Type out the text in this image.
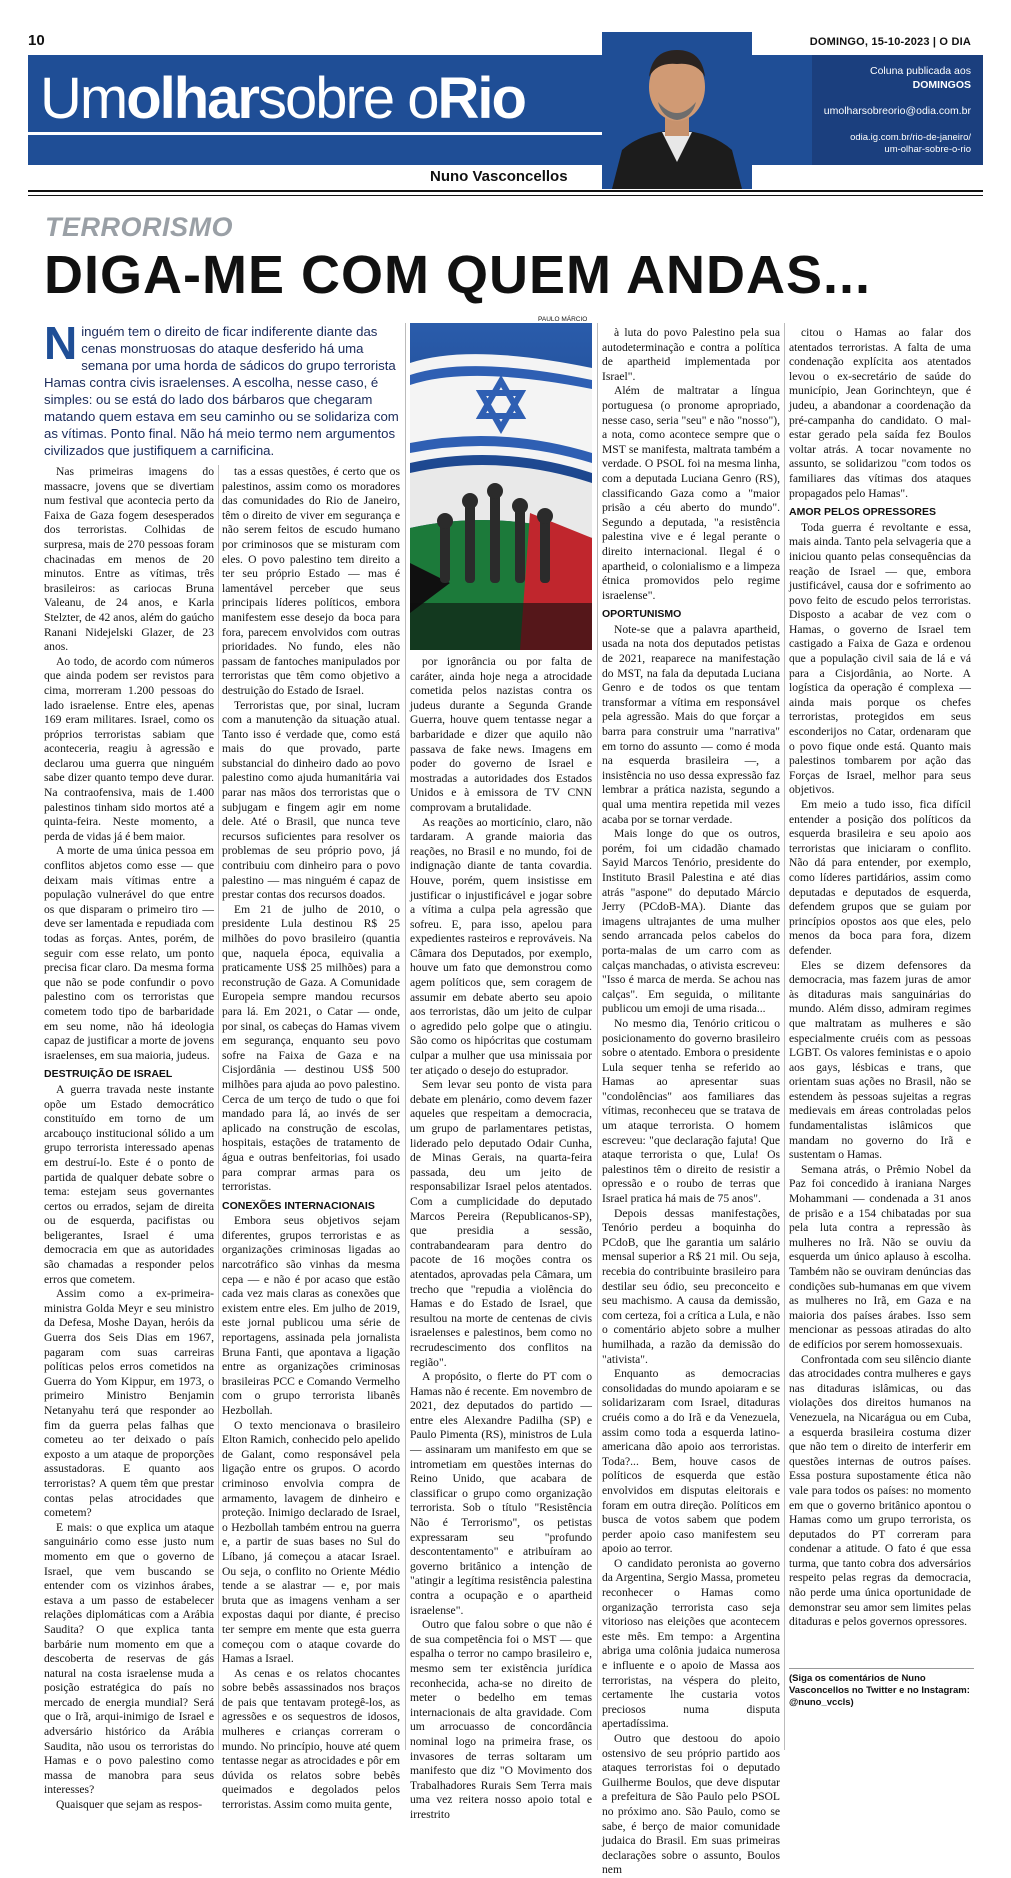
10	DOMINGO, 15-10-2023 | O DIA
Umolharsobre oRio
Nuno Vasconcellos
Coluna publicada aos
DOMINGOS
umolharsobreorio@odia.com.br
odia.ig.com.br/rio-de-janeiro/
um-olhar-sobre-o-rio
TERRORISMO
DIGA-ME COM QUEM ANDAS...
Ninguém tem o direito de ficar indiferente diante das cenas monstruosas do ataque desferido há uma semana por uma horda de sádicos do grupo terrorista Hamas contra civis israelenses. A escolha, nesse caso, é simples: ou se está do lado dos bárbaros que chegaram matando quem estava em seu caminho ou se solidariza com as vítimas. Ponto final. Não há meio termo nem argumentos civilizados que justifiquem a carnificina.
PAULO MÁRCIO

Nas primeiras imagens do massacre, jovens que se divertiam num festival que acontecia perto da Faixa de Gaza fogem desesperados dos terroristas. Colhidas de surpresa, mais de 270 pessoas foram chacinadas em menos de 20 minutos. Entre as vítimas, três brasileiros: as cariocas Bruna Valeanu, de 24 anos, e Karla Stelzter, de 42 anos, além do gaúcho Ranani Nidejelski Glazer, de 23 anos.

Ao todo, de acordo com números que ainda podem ser revistos para cima, morreram 1.200 pessoas do lado israelense. Entre eles, apenas 169 eram militares. Israel, como os próprios terroristas sabiam que aconteceria, reagiu à agressão e declarou uma guerra que ninguém sabe dizer quanto tempo deve durar. Na contraofensiva, mais de 1.400 palestinos tinham sido mortos até a quinta-feira. Neste momento, a perda de vidas já é bem maior.

A morte de uma única pessoa em conflitos abjetos como esse — que deixam mais vítimas entre a população vulnerável do que entre os que disparam o primeiro tiro — deve ser lamentada e repudiada com todas as forças. Antes, porém, de seguir com esse relato, um ponto precisa ficar claro. Da mesma forma que não se pode confundir o povo palestino com os terroristas que cometem todo tipo de barbaridade em seu nome, não há ideologia capaz de justificar a morte de jovens israelenses, em sua maioria, judeus.

DESTRUIÇÃO DE ISRAEL

A guerra travada neste instante opõe um Estado democrático constituído em torno de um arcabouço institucional sólido a um grupo terrorista interessado apenas em destruí-lo. Este é o ponto de partida de qualquer debate sobre o tema: estejam seus governantes certos ou errados, sejam de direita ou de esquerda, pacifistas ou beligerantes, Israel é uma democracia em que as autoridades são chamadas a responder pelos erros que cometem.

Assim como a ex-primeira-ministra Golda Meyr e seu ministro da Defesa, Moshe Dayan, heróis da Guerra dos Seis Dias em 1967, pagaram com suas carreiras políticas pelos erros cometidos na Guerra do Yom Kippur, em 1973, o primeiro Ministro Benjamin Netanyahu terá que responder ao fim da guerra pelas falhas que cometeu ao ter deixado o país exposto a um ataque de proporções assustadoras. E quanto aos terroristas? A quem têm que prestar contas pelas atrocidades que cometem?

E mais: o que explica um ataque sanguinário como esse justo num momento em que o governo de Israel, que vem buscando se entender com os vizinhos árabes, estava a um passo de estabelecer relações diplomáticas com a Arábia Saudita? O que explica tanta barbárie num momento em que a descoberta de reservas de gás natural na costa israelense muda a posição estratégica do país no mercado de energia mundial? Será que o Irã, arqui-inimigo de Israel e adversário histórico da Arábia Saudita, não usou os terroristas do Hamas e o povo palestino como massa de manobra para seus interesses?

Quaisquer que sejam as respos-

tas a essas questões, é certo que os palestinos, assim como os moradores das comunidades do Rio de Janeiro, têm o direito de viver em segurança e não serem feitos de escudo humano por criminosos que se misturam com eles. O povo palestino tem direito a ter seu próprio Estado — mas é lamentável perceber que seus principais líderes políticos, embora manifestem esse desejo da boca para fora, parecem envolvidos com outras prioridades. No fundo, eles não passam de fantoches manipulados por terroristas que têm como objetivo a destruição do Estado de Israel.

Terroristas que, por sinal, lucram com a manutenção da situação atual. Tanto isso é verdade que, como está mais do que provado, parte substancial do dinheiro dado ao povo palestino como ajuda humanitária vai parar nas mãos dos terroristas que o subjugam e fingem agir em nome dele. Até o Brasil, que nunca teve recursos suficientes para resolver os problemas de seu próprio povo, já contribuiu com dinheiro para o povo palestino — mas ninguém é capaz de prestar contas dos recursos doados.

Em 21 de julho de 2010, o presidente Lula destinou R$ 25 milhões do povo brasileiro (quantia que, naquela época, equivalia a praticamente US$ 25 milhões) para a reconstrução de Gaza. A Comunidade Europeia sempre mandou recursos para lá. Em 2021, o Catar — onde, por sinal, os cabeças do Hamas vivem em segurança, enquanto seu povo sofre na Faixa de Gaza e na Cisjordânia — destinou US$ 500 milhões para ajuda ao povo palestino. Cerca de um terço de tudo o que foi mandado para lá, ao invés de ser aplicado na construção de escolas, hospitais, estações de tratamento de água e outras benfeitorias, foi usado para comprar armas para os terroristas.

CONEXÕES INTERNACIONAIS

Embora seus objetivos sejam diferentes, grupos terroristas e as organizações criminosas ligadas ao narcotráfico são vinhas da mesma cepa — e não é por acaso que estão cada vez mais claras as conexões que existem entre eles. Em julho de 2019, este jornal publicou uma série de reportagens, assinada pela jornalista Bruna Fanti, que apontava a ligação entre as organizações criminosas brasileiras PCC e Comando Vermelho com o grupo terrorista libanês Hezbollah.

O texto mencionava o brasileiro Elton Ramich, conhecido pelo apelido de Galant, como responsável pela ligação entre os grupos. O acordo criminoso envolvia compra de armamento, lavagem de dinheiro e proteção. Inimigo declarado de Israel, o Hezbollah também entrou na guerra e, a partir de suas bases no Sul do Líbano, já começou a atacar Israel. Ou seja, o conflito no Oriente Médio tende a se alastrar — e, por mais bruta que as imagens venham a ser expostas daqui por diante, é preciso ter sempre em mente que esta guerra começou com o ataque covarde do Hamas a Israel.

As cenas e os relatos chocantes sobre bebês assassinados nos braços de pais que tentavam protegê-los, as agressões e os sequestros de idosos, mulheres e crianças correram o mundo. No princípio, houve até quem tentasse negar as atrocidades e pôr em dúvida os relatos sobre bebês queimados e degolados pelos terroristas. Assim como muita gente,

por ignorância ou por falta de caráter, ainda hoje nega a atrocidade cometida pelos nazistas contra os judeus durante a Segunda Grande Guerra, houve quem tentasse negar a barbaridade e dizer que aquilo não passava de fake news. Imagens em poder do governo de Israel e mostradas a autoridades dos Estados Unidos e à emissora de TV CNN comprovam a brutalidade.

As reações ao morticínio, claro, não tardaram. A grande maioria das reações, no Brasil e no mundo, foi de indignação diante de tanta covardia. Houve, porém, quem insistisse em justificar o injustificável e jogar sobre a vítima a culpa pela agressão que sofreu. E, para isso, apelou para expedientes rasteiros e reprováveis. Na Câmara dos Deputados, por exemplo, houve um fato que demonstrou como agem políticos que, sem coragem de assumir em debate aberto seu apoio aos terroristas, dão um jeito de culpar o agredido pelo golpe que o atingiu. São como os hipócritas que costumam culpar a mulher que usa minissaia por ter atiçado o desejo do estuprador.

Sem levar seu ponto de vista para debate em plenário, como devem fazer aqueles que respeitam a democracia, um grupo de parlamentares petistas, liderado pelo deputado Odair Cunha, de Minas Gerais, na quarta-feira passada, deu um jeito de responsabilizar Israel pelos atentados. Com a cumplicidade do deputado Marcos Pereira (Republicanos-SP), que presidia a sessão, contrabandearam para dentro do pacote de 16 moções contra os atentados, aprovadas pela Câmara, um trecho que "repudia a violência do Hamas e do Estado de Israel, que resultou na morte de centenas de civis israelenses e palestinos, bem como no recrudescimento dos conflitos na região".

A propósito, o flerte do PT com o Hamas não é recente. Em novembro de 2021, dez deputados do partido — entre eles Alexandre Padilha (SP) e Paulo Pimenta (RS), ministros de Lula — assinaram um manifesto em que se intrometiam em questões internas do Reino Unido, que acabara de classificar o grupo como organização terrorista. Sob o título "Resistência Não é Terrorismo", os petistas expressaram seu "profundo descontentamento" e atribuíram ao governo britânico a intenção de "atingir a legítima resistência palestina contra a ocupação e o apartheid israelense".

Outro que falou sobre o que não é de sua competência foi o MST — que espalha o terror no campo brasileiro e, mesmo sem ter existência jurídica reconhecida, acha-se no direito de meter o bedelho em temas internacionais de alta gravidade. Com um arrocuasso de concordância nominal logo na primeira frase, os invasores de terras soltaram um manifesto que diz "O Movimento dos Trabalhadores Rurais Sem Terra mais uma vez reitera nosso apoio total e irrestrito

à luta do povo Palestino pela sua autodeterminação e contra a política de apartheid implementada por Israel".

Além de maltratar a língua portuguesa (o pronome apropriado, nesse caso, seria "seu" e não "nosso"), a nota, como acontece sempre que o MST se manifesta, maltrata também a verdade. O PSOL foi na mesma linha, com a deputada Luciana Genro (RS), classificando Gaza como a "maior prisão a céu aberto do mundo". Segundo a deputada, "a resistência palestina vive e é legal perante o direito internacional. Ilegal é o apartheid, o colonialismo e a limpeza étnica promovidos pelo regime israelense".

OPORTUNISMO

Note-se que a palavra apartheid, usada na nota dos deputados petistas de 2021, reaparece na manifestação do MST, na fala da deputada Luciana Genro e de todos os que tentam transformar a vítima em responsável pela agressão. Mais do que forçar a barra para construir uma "narrativa" em torno do assunto — como é moda na esquerda brasileira —, a insistência no uso dessa expressão faz lembrar a prática nazista, segundo a qual uma mentira repetida mil vezes acaba por se tornar verdade.

Mais longe do que os outros, porém, foi um cidadão chamado Sayid Marcos Tenório, presidente do Instituto Brasil Palestina e até dias atrás "aspone" do deputado Márcio Jerry (PCdoB-MA). Diante das imagens ultrajantes de uma mulher sendo arrancada pelos cabelos do porta-malas de um carro com as calças manchadas, o ativista escreveu: "Isso é marca de merda. Se achou nas calças". Em seguida, o militante publicou um emoji de uma risada...

No mesmo dia, Tenório criticou o posicionamento do governo brasileiro sobre o atentado. Embora o presidente Lula sequer tenha se referido ao Hamas ao apresentar suas "condolências" aos familiares das vítimas, reconheceu que se tratava de um ataque terrorista. O homem escreveu: "que declaração fajuta! Que ataque terrorista o que, Lula! Os palestinos têm o direito de resistir a opressão e o roubo de terras que Israel pratica há mais de 75 anos".

Depois dessas manifestações, Tenório perdeu a boquinha do PCdoB, que lhe garantia um salário mensal superior a R$ 21 mil. Ou seja, recebia do contribuinte brasileiro para destilar seu ódio, seu preconceito e seu machismo. A causa da demissão, com certeza, foi a crítica a Lula, e não o comentário abjeto sobre a mulher humilhada, a razão da demissão do "ativista".

Enquanto as democracias consolidadas do mundo apoiaram e se solidarizaram com Israel, ditaduras cruéis como a do Irã e da Venezuela, assim como toda a esquerda latino-americana dão apoio aos terroristas. Toda?... Bem, houve casos de políticos de esquerda que estão envolvidos em disputas eleitorais e foram em outra direção. Políticos em busca de votos sabem que podem perder apoio caso manifestem seu apoio ao terror.

O candidato peronista ao governo da Argentina, Sergio Massa, prometeu reconhecer o Hamas como organização terrorista caso seja vitorioso nas eleições que acontecem este mês. Em tempo: a Argentina abriga uma colônia judaica numerosa e influente e o apoio de Massa aos terroristas, na véspera do pleito, certamente lhe custaria votos preciosos numa disputa apertadíssima.

Outro que destoou do apoio ostensivo de seu próprio partido aos ataques terroristas foi o deputado Guilherme Boulos, que deve disputar a prefeitura de São Paulo pelo PSOL no próximo ano. São Paulo, como se sabe, é berço de maior comunidade judaica do Brasil. Em suas primeiras declarações sobre o assunto, Boulos nem

citou o Hamas ao falar dos atentados terroristas. A falta de uma condenação explícita aos atentados levou o ex-secretário de saúde do município, Jean Gorinchteyn, que é judeu, a abandonar a coordenação da pré-campanha do candidato. O mal-estar gerado pela saída fez Boulos voltar atrás. A tocar novamente no assunto, se solidarizou "com todos os familiares das vítimas dos ataques propagados pelo Hamas".

AMOR PELOS OPRESSORES

Toda guerra é revoltante e essa, mais ainda. Tanto pela selvageria que a iniciou quanto pelas consequências da reação de Israel — que, embora justificável, causa dor e sofrimento ao povo feito de escudo pelos terroristas. Disposto a acabar de vez com o Hamas, o governo de Israel tem castigado a Faixa de Gaza e ordenou que a população civil saia de lá e vá para a Cisjordânia, ao Norte. A logística da operação é complexa — ainda mais porque os chefes terroristas, protegidos em seus esconderijos no Catar, ordenaram que o povo fique onde está. Quanto mais palestinos tombarem por ação das Forças de Israel, melhor para seus objetivos.

Em meio a tudo isso, fica difícil entender a posição dos políticos da esquerda brasileira e seu apoio aos terroristas que iniciaram o conflito. Não dá para entender, por exemplo, como líderes partidários, assim como deputadas e deputados de esquerda, defendem grupos que se guiam por princípios opostos aos que eles, pelo menos da boca para fora, dizem defender.

Eles se dizem defensores da democracia, mas fazem juras de amor às ditaduras mais sanguinárias do mundo. Além disso, admiram regimes que maltratam as mulheres e são especialmente cruéis com as pessoas LGBT. Os valores feministas e o apoio aos gays, lésbicas e trans, que orientam suas ações no Brasil, não se estendem às pessoas sujeitas a regras medievais em áreas controladas pelos fundamentalistas islâmicos que mandam no governo do Irã e sustentam o Hamas.

Semana atrás, o Prêmio Nobel da Paz foi concedido à iraniana Narges Mohammani — condenada a 31 anos de prisão e a 154 chibatadas por sua pela luta contra a repressão às mulheres no Irã. Não se ouviu da esquerda um único aplauso à escolha. Também não se ouviram denúncias das condições sub-humanas em que vivem as mulheres no Irã, em Gaza e na maioria dos países árabes. Isso sem mencionar as pessoas atiradas do alto de edifícios por serem homossexuais.

Confrontada com seu silêncio diante das atrocidades contra mulheres e gays nas ditaduras islâmicas, ou das violações dos direitos humanos na Venezuela, na Nicarágua ou em Cuba, a esquerda brasileira costuma dizer que não tem o direito de interferir em questões internas de outros países. Essa postura supostamente ética não vale para todos os países: no momento em que o governo britânico apontou o Hamas como um grupo terrorista, os deputados do PT correram para condenar a atitude. O fato é que essa turma, que tanto cobra dos adversários respeito pelas regras da democracia, não perde uma única oportunidade de demonstrar seu amor sem limites pelas ditaduras e pelos governos opressores.

(Siga os comentários de Nuno Vasconcellos no Twitter e no Instagram: @nuno_vccls)
